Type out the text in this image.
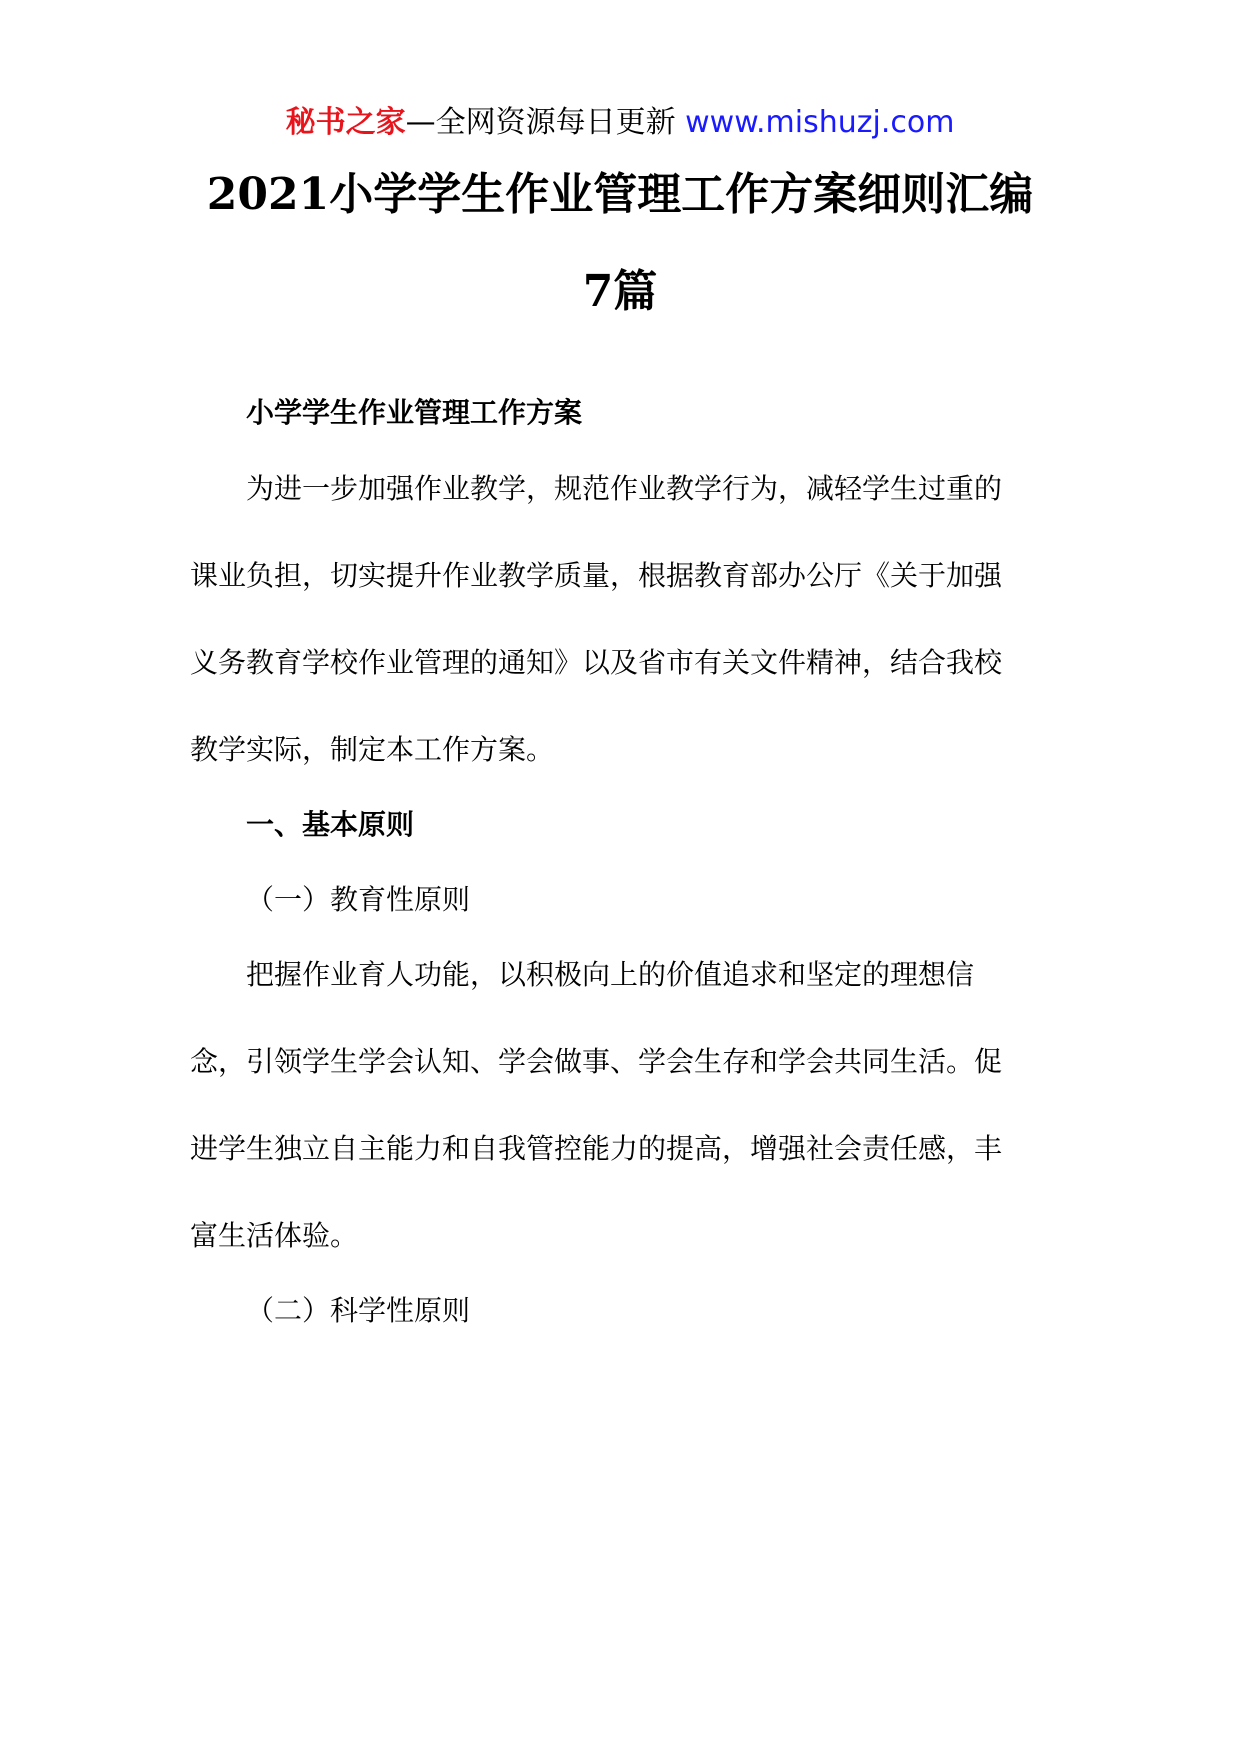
秘书之家—全网资源每日更新 www.mishuzj.com
2021小学学生作业管理工作方案细则汇编
7篇
小学学生作业管理工作方案
为进一步加强作业教学，规范作业教学行为，减轻学生过重的
课业负担，切实提升作业教学质量，根据教育部办公厅《关于加强
义务教育学校作业管理的通知》以及省市有关文件精神，结合我校
教学实际，制定本工作方案。
一、基本原则
（一）教育性原则
把握作业育人功能，以积极向上的价值追求和坚定的理想信
念，引领学生学会认知、学会做事、学会生存和学会共同生活。促
进学生独立自主能力和自我管控能力的提高，增强社会责任感，丰
富生活体验。
（二）科学性原则
